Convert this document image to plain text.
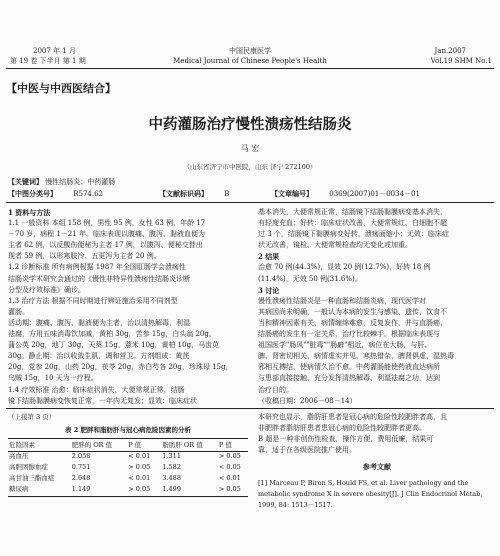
2007 年 1 月
第 19 卷 下半月 第 1 期
中国民康医学
Medical Journal of Chinese People's Health
Jan.2007
Vol.19 SHM No.1
【中医与中西医结合】
中药灌肠治疗慢性溃疡性结肠炎
马 宏
（山东省济宁市中医院，山东 济宁 272100）
【关键词】 慢性结肠炎；中药灌肠
【中图分类号】 R574.62	【文献标识码】 B	【文章编号】 0369(2007)01－0034－01
1 资料与方法
1.1 一般资料 本组 158 例，男性 95 例，女性 63 例，年龄 17
－70 岁，病程 1－21 年。临床表现以腹痛、腹泻、黏液血便为
主者 62 例，以反酸伤便秘为主者 17 例，以腹泻、便秘交替出
现者 59 例，以形寒肢冷、五更泻为主者 20 例。
1.2 诊断标准 所有病例根据 1987 年全国肛肠学会溃疡性
结肠炎学术研究会通过的《慢性非特异性溃疡性结肠炎诊断
分型及疗效标准》确诊。
1.3 治疗方法 根据不同时期进行辨证施治采用不同剂型
灌肠。
活动期：腹痛、腹泻、黏液便为主者，治以清热解毒，利湿
祛腐，方用五味消毒饮加减，黄柏 30g，苦参 15g，白头翁 20g，
蒲公英 20g，地丁 30g，天葵 15g，薏米 10g，黄柏 10g，马齿苋
30g。静止期：治以收敛生肌，调和营卫。方剂组成：黄芪
20g，党参 20g，山药 20g，茯苓 20g，赤白芍各 20g，珍珠母 15g，
乌贼 15g，10 天为一疗程。
1.4 疗效标准 治愈：临床症状消失，大便常规正常，结肠
镜下结肠黏膜病变恢复正常，一年内无复发；显效：临床症状
基本消失，大便常规正常，结肠镜下结肠黏膜病变基本消失，
有轻度充血；好转：临床症状改善，大便常规红、白细胞不超
过 3 个，结肠镜下黏膜病变好转，溃疡面缩小；无效：临床症
状无改善，镜检、大便常规检查均无变化或加重。
2 结果
治愈 70 例(44.3%)，显效 20 例(12.7%)，好转 18 例
(11.4%)，无效 50 例(31.6%)。
3 讨论
慢性溃疡性结肠炎是一种直肠和结肠炎病，现代医学对
其病因尚未明确，一般认为本病的发生与感染、遗传、饮食不
当和精神因素有关，病情缠绵难愈，反复发作，并与直肠癌、
结肠癌的发生有一定关系，治疗比较棘手。根据临床表现与
祖国医学"肠风""脏毒""肠癖"相近，病位在大肠，与肝、
脾、肾密切相关，病情虚实并见，寒热错杂，脾肾俱虚，湿热毒
邪相互搏结，使病情久治不愈。中药灌肠能使药液直达病所
与患部直接接触，充分发挥清热解毒、利湿祛腐之功，达到
治疗目的。
（收稿日期：2006－08－14）
（上接第 3 页）
表 2 肥胖和脂肪肝与冠心病危险因素的分析
危险因素	肥胖的 OR 值	P 值	脂肪肝 OR 值	P 值
高血压	2.058	< 0.01	1.311	> 0.05
高胆固醇血症	0.751	> 0.05	1.582	< 0.05
高甘油三酯血症	2.648	< 0.01	3.488	< 0.01
糖尿病	1.149	> 0.05	1.499	> 0.05
本研究也显示，脂肪肝患者是冠心病的危险性较肥胖者高，且
非肥胖者脂肪肝患者患冠心病的危险性较肥胖者更高。
B 超是一种非创伤性检查，操作方便，费用低廉，结果可
靠，适于在各级医院推广使用。
参考文献
[1] Marceau P, Biron S, Hould FS, et al. Liver pathology and the
metabolic syndrome X in severe obesity[J]. J Clin Endocrinol Metab,
1999, 84: 1513－1517.
